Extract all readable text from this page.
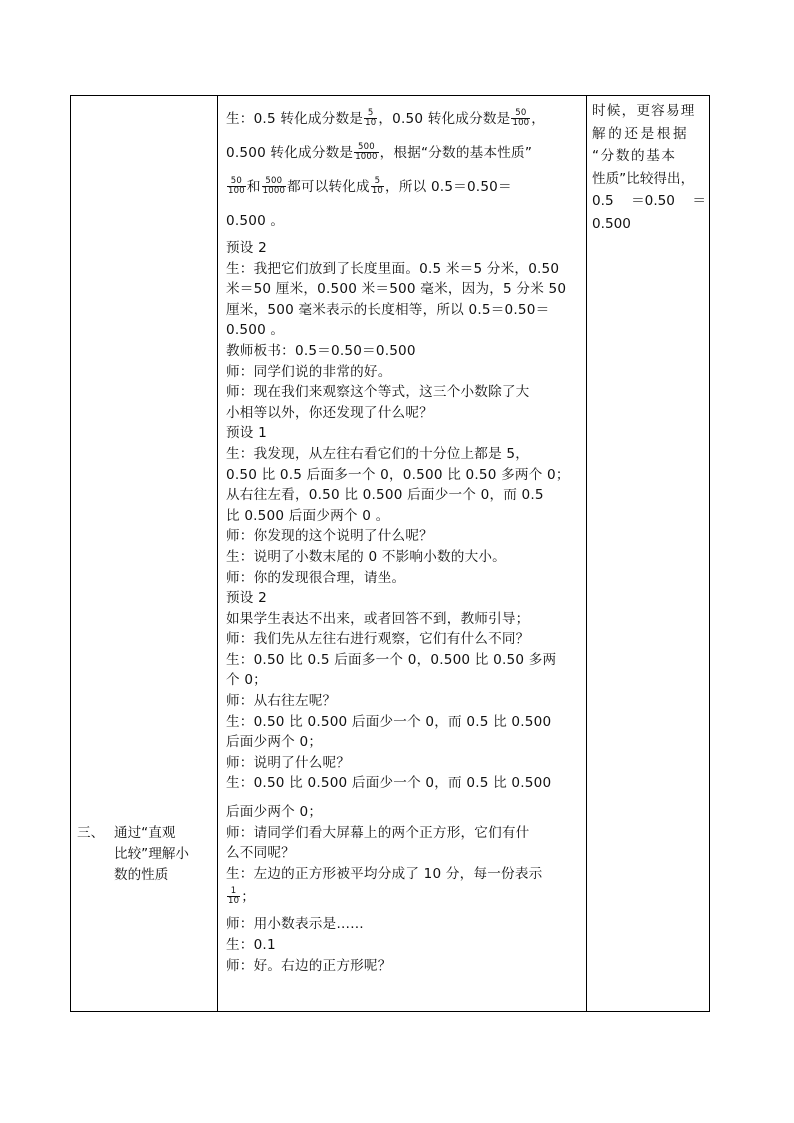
三、 通过“直观
比较”理解小
数的性质
生：0.5 转化成分数是 $\frac{5}{10}$ ，0.50 转化成分数是 $\frac{50}{100}$ ，
0.500 转化成分数是 $\frac{500}{1000}$ ，根据“分数的基本性质”
$\frac{50}{100}$ 和 $\frac{500}{1000}$ 都可以转化成 $\frac{5}{10}$ ，所以 0.5＝0.50＝
0.500 。
预设 2
生：我把它们放到了长度里面。0.5 米＝5 分米，0.50
米＝50 厘米，0.500 米＝500 毫米，因为，5 分米 50
厘米，500 毫米表示的长度相等，所以 0.5＝0.50＝
0.500 。
教师板书：0.5＝0.50＝0.500
师：同学们说的非常的好。
师：现在我们来观察这个等式，这三个小数除了大
小相等以外，你还发现了什么呢？
预设 1
生：我发现，从左往右看它们的十分位上都是 5，
0.50 比 0.5 后面多一个 0，0.500 比 0.50 多两个 0；
从右往左看，0.50 比 0.500 后面少一个 0，而 0.5
比 0.500 后面少两个 0 。
师：你发现的这个说明了什么呢？
生：说明了小数末尾的 0 不影响小数的大小。
师：你的发现很合理，请坐。
预设 2
如果学生表达不出来，或者回答不到，教师引导；
师：我们先从左往右进行观察，它们有什么不同？
生：0.50 比 0.5 后面多一个 0，0.500 比 0.50 多两
个 0；
师：从右往左呢？
生：0.50 比 0.500 后面少一个 0，而 0.5 比 0.500
后面少两个 0；
师：说明了什么呢？
生：0.50 比 0.500 后面少一个 0，而 0.5 比 0.500
后面少两个 0；
师：请同学们看大屏幕上的两个正方形，它们有什
么不同呢？
生：左边的正方形被平均分成了 10 分，每一份表示
$\frac{1}{10}$ ；
师：用小数表示是……
生：0.1
师：好。右边的正方形呢？
时候，更容易理
解的还是根据
“分数的基本
性质”比较得出，
0.5 ＝0.50 ＝
0.500
